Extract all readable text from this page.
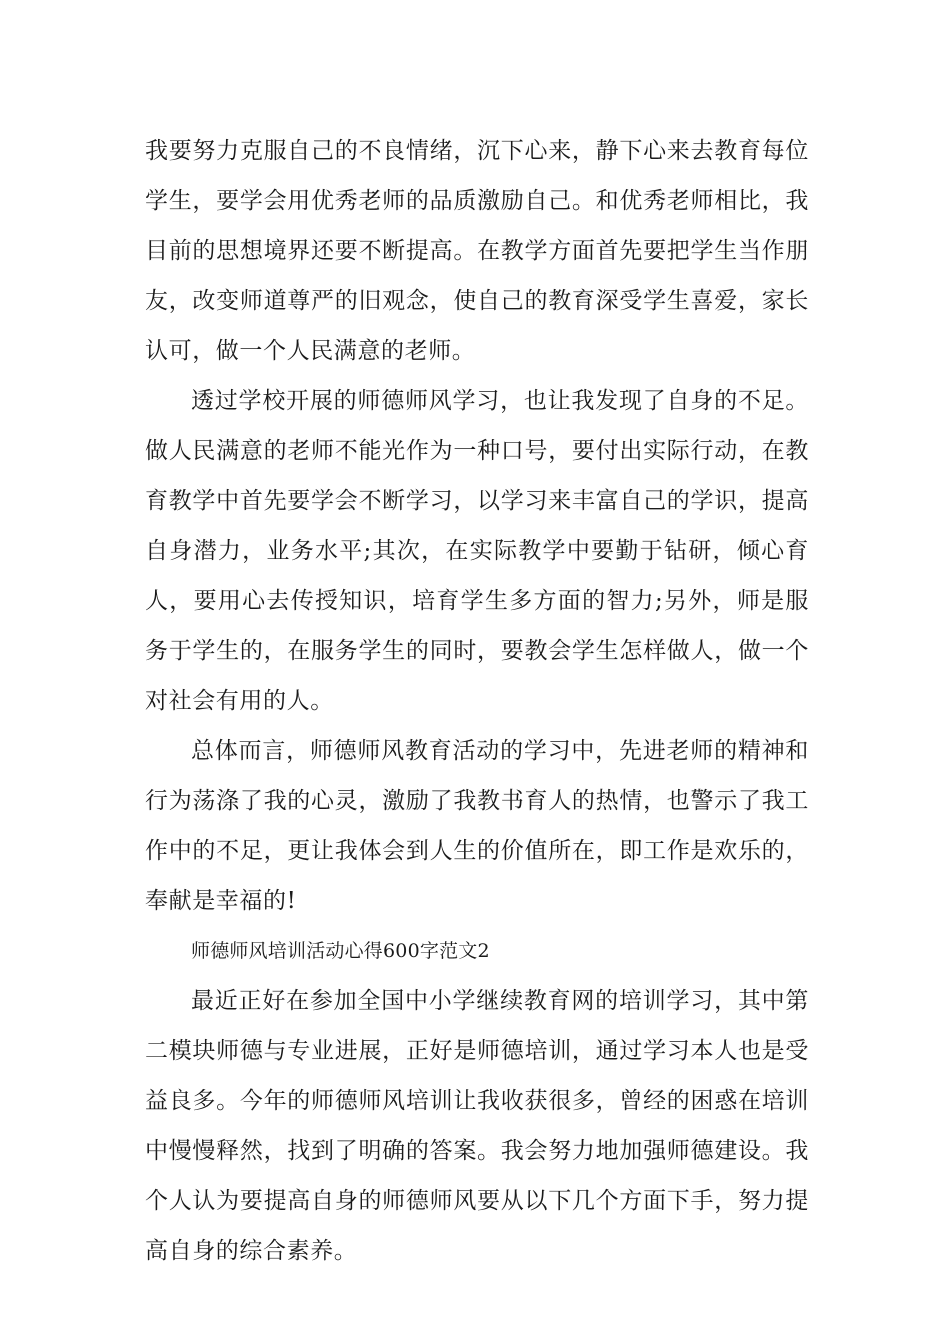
我要努力克服自己的不良情绪，沉下心来，静下心来去教育每位学生，要学会用优秀老师的品质激励自己。和优秀老师相比，我目前的思想境界还要不断提高。在教学方面首先要把学生当作朋友，改变师道尊严的旧观念，使自己的教育深受学生喜爱，家长认可，做一个人民满意的老师。

透过学校开展的师德师风学习，也让我发现了自身的不足。做人民满意的老师不能光作为一种口号，要付出实际行动，在教育教学中首先要学会不断学习，以学习来丰富自己的学识，提高自身潜力，业务水平;其次，在实际教学中要勤于钻研，倾心育人，要用心去传授知识，培育学生多方面的智力;另外，师是服务于学生的，在服务学生的同时，要教会学生怎样做人，做一个对社会有用的人。

总体而言，师德师风教育活动的学习中，先进老师的精神和行为荡涤了我的心灵，激励了我教书育人的热情，也警示了我工作中的不足，更让我体会到人生的价值所在，即工作是欢乐的，奉献是幸福的!

师德师风培训活动心得600字范文2

最近正好在参加全国中小学继续教育网的培训学习，其中第二模块师德与专业进展，正好是师德培训，通过学习本人也是受益良多。今年的师德师风培训让我收获很多，曾经的困惑在培训中慢慢释然，找到了明确的答案。我会努力地加强师德建设。我个人认为要提高自身的师德师风要从以下几个方面下手，努力提高自身的综合素养。
